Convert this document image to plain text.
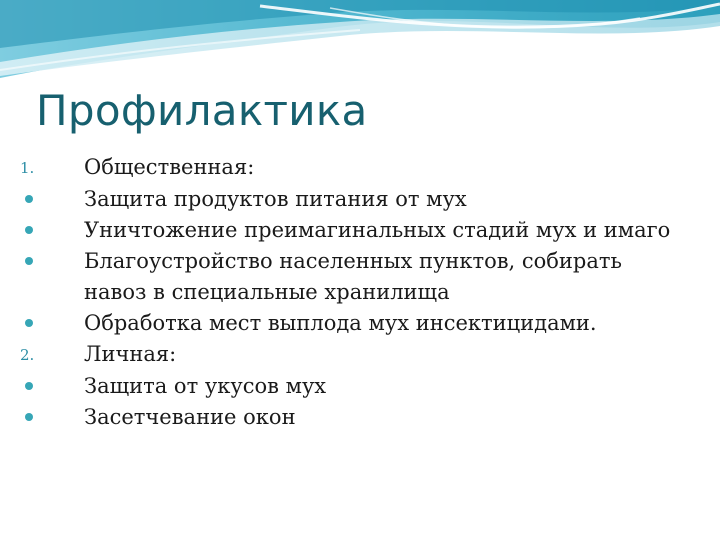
Профилактика
1.	Общественная:
Защита продуктов питания от мух
Уничтожение преимагинальных стадий мух и имаго
Благоустройство населенных пунктов, собирать навоз в специальные хранилища
Обработка мест выплода мух инсектицидами.
2.	Личная:
Защита от укусов мух
Засетчевание окон
